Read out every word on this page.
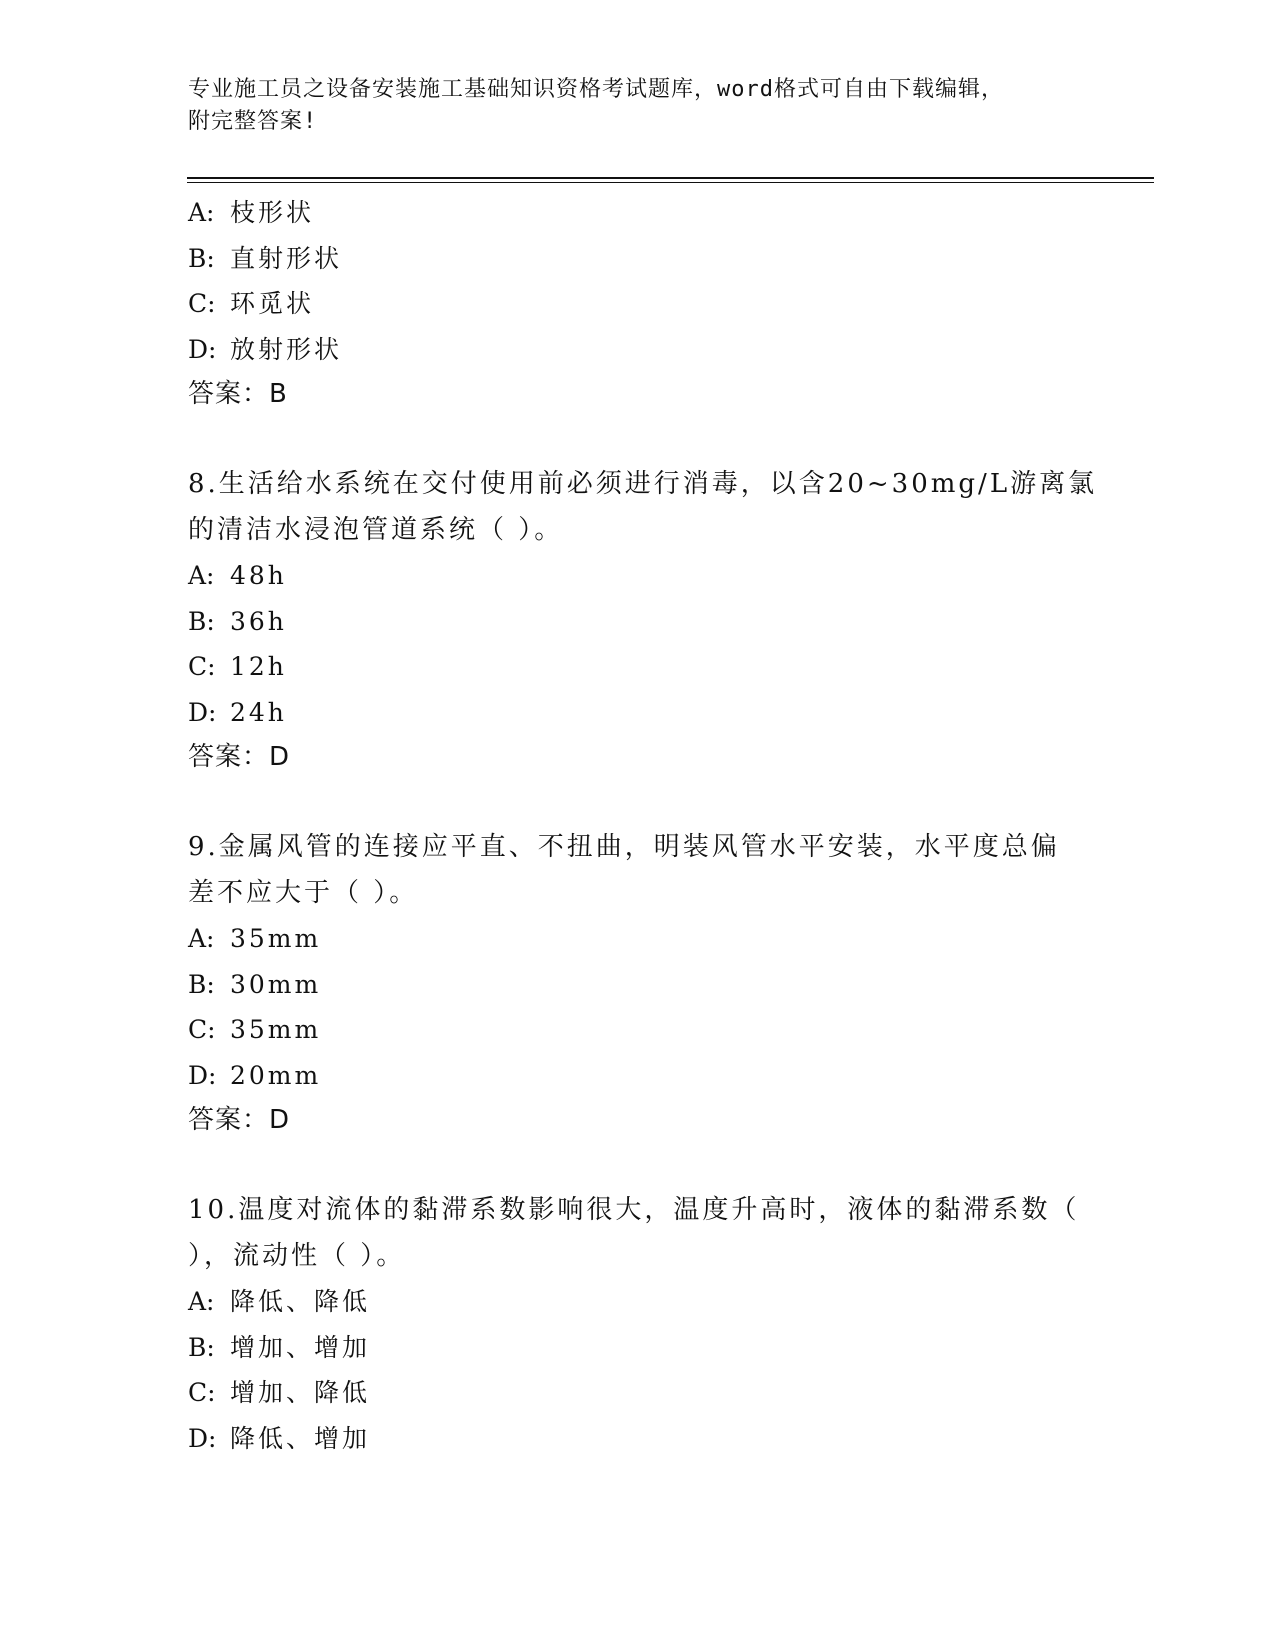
专业施工员之设备安装施工基础知识资格考试题库，word格式可自由下载编辑，
附完整答案!
A: 枝形状
B: 直射形状
C: 环觅状
D: 放射形状
答案：B
8.生活给水系统在交付使用前必须进行消毒，以含20~30mg/L游离氯
的清洁水浸泡管道系统（ ）。
A: 48h
B: 36h
C: 12h
D: 24h
答案：D
9.金属风管的连接应平直、不扭曲，明装风管水平安装，水平度总偏
差不应大于（ ）。
A: 35mm
B: 30mm
C: 35mm
D: 20mm
答案：D
10.温度对流体的黏滞系数影响很大，温度升高时，液体的黏滞系数（
），流动性（ ）。
A: 降低、降低
B: 增加、增加
C: 增加、降低
D: 降低、增加
